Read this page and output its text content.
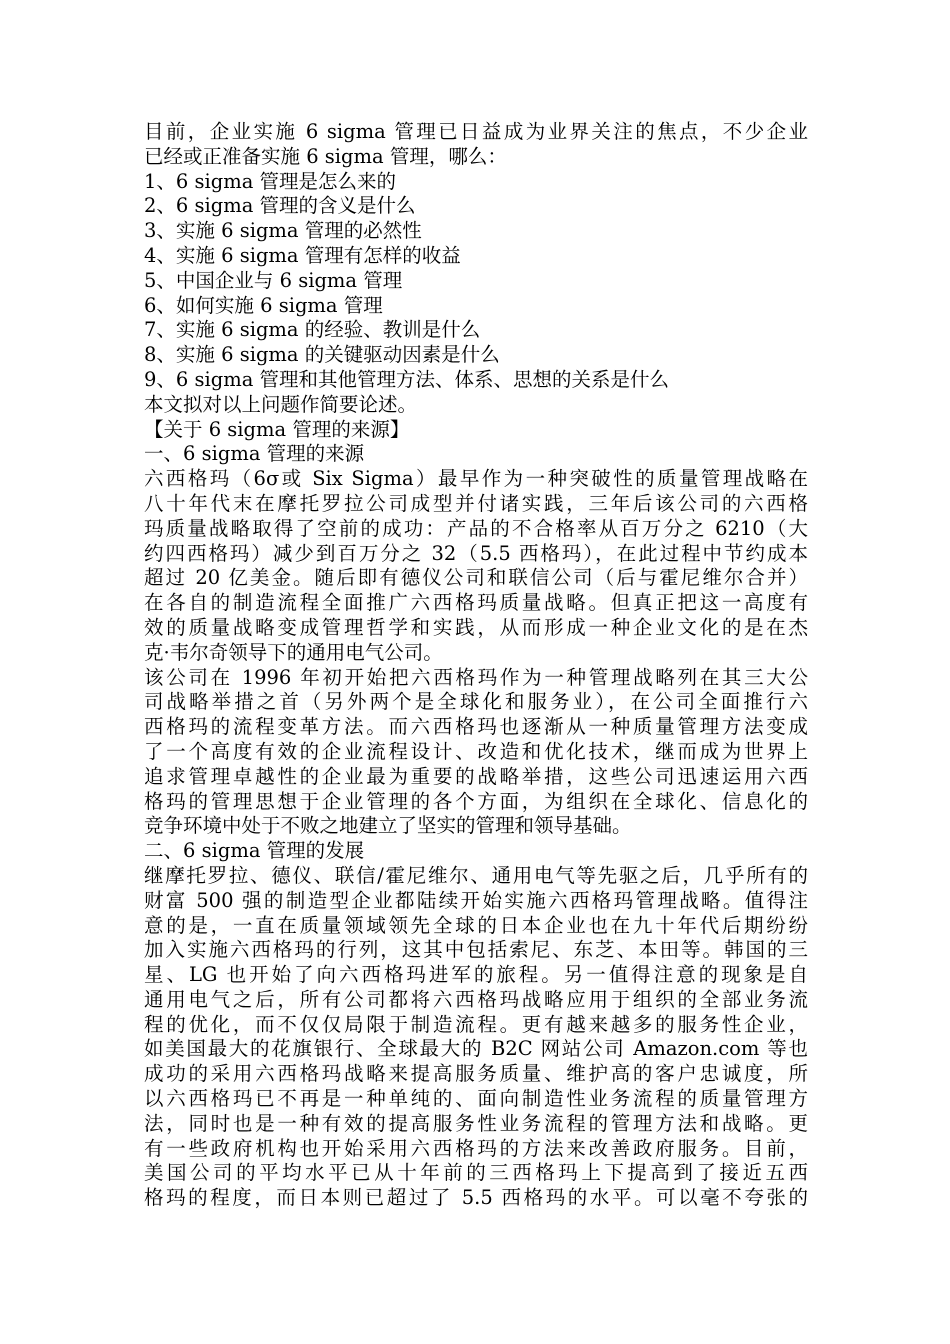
目前，企业实施 6 sigma 管理已日益成为业界关注的焦点，不少企业
已经或正准备实施 6 sigma 管理，哪么：
1、6 sigma 管理是怎么来的
2、6 sigma 管理的含义是什么
3、实施 6 sigma 管理的必然性
4、实施 6 sigma 管理有怎样的收益
5、中国企业与 6 sigma 管理
6、如何实施 6 sigma 管理
7、实施 6 sigma 的经验、教训是什么
8、实施 6 sigma 的关键驱动因素是什么
9、6 sigma 管理和其他管理方法、体系、思想的关系是什么
本文拟对以上问题作简要论述。
【关于 6 sigma 管理的来源】
一、6 sigma 管理的来源
六西格玛（6σ或 Six Sigma）最早作为一种突破性的质量管理战略在
八十年代末在摩托罗拉公司成型并付诸实践，三年后该公司的六西格
玛质量战略取得了空前的成功：产品的不合格率从百万分之 6210（大
约四西格玛）减少到百万分之 32（5.5 西格玛），在此过程中节约成本
超过 20 亿美金。随后即有德仪公司和联信公司（后与霍尼维尔合并）
在各自的制造流程全面推广六西格玛质量战略。但真正把这一高度有
效的质量战略变成管理哲学和实践，从而形成一种企业文化的是在杰
克·韦尔奇领导下的通用电气公司。
该公司在 1996 年初开始把六西格玛作为一种管理战略列在其三大公
司战略举措之首（另外两个是全球化和服务业），在公司全面推行六
西格玛的流程变革方法。而六西格玛也逐渐从一种质量管理方法变成
了一个高度有效的企业流程设计、改造和优化技术，继而成为世界上
追求管理卓越性的企业最为重要的战略举措，这些公司迅速运用六西
格玛的管理思想于企业管理的各个方面，为组织在全球化、信息化的
竞争环境中处于不败之地建立了坚实的管理和领导基础。
二、6 sigma 管理的发展
继摩托罗拉、德仪、联信/霍尼维尔、通用电气等先驱之后，几乎所有的
财富 500 强的制造型企业都陆续开始实施六西格玛管理战略。值得注
意的是，一直在质量领域领先全球的日本企业也在九十年代后期纷纷
加入实施六西格玛的行列，这其中包括索尼、东芝、本田等。韩国的三
星、LG 也开始了向六西格玛进军的旅程。另一值得注意的现象是自
通用电气之后，所有公司都将六西格玛战略应用于组织的全部业务流
程的优化，而不仅仅局限于制造流程。更有越来越多的服务性企业，
如美国最大的花旗银行、全球最大的 B2C 网站公司 Amazon.com 等也
成功的采用六西格玛战略来提高服务质量、维护高的客户忠诚度，所
以六西格玛已不再是一种单纯的、面向制造性业务流程的质量管理方
法，同时也是一种有效的提高服务性业务流程的管理方法和战略。更
有一些政府机构也开始采用六西格玛的方法来改善政府服务。目前，
美国公司的平均水平已从十年前的三西格玛上下提高到了接近五西
格玛的程度，而日本则已超过了 5.5 西格玛的水平。可以毫不夸张的
